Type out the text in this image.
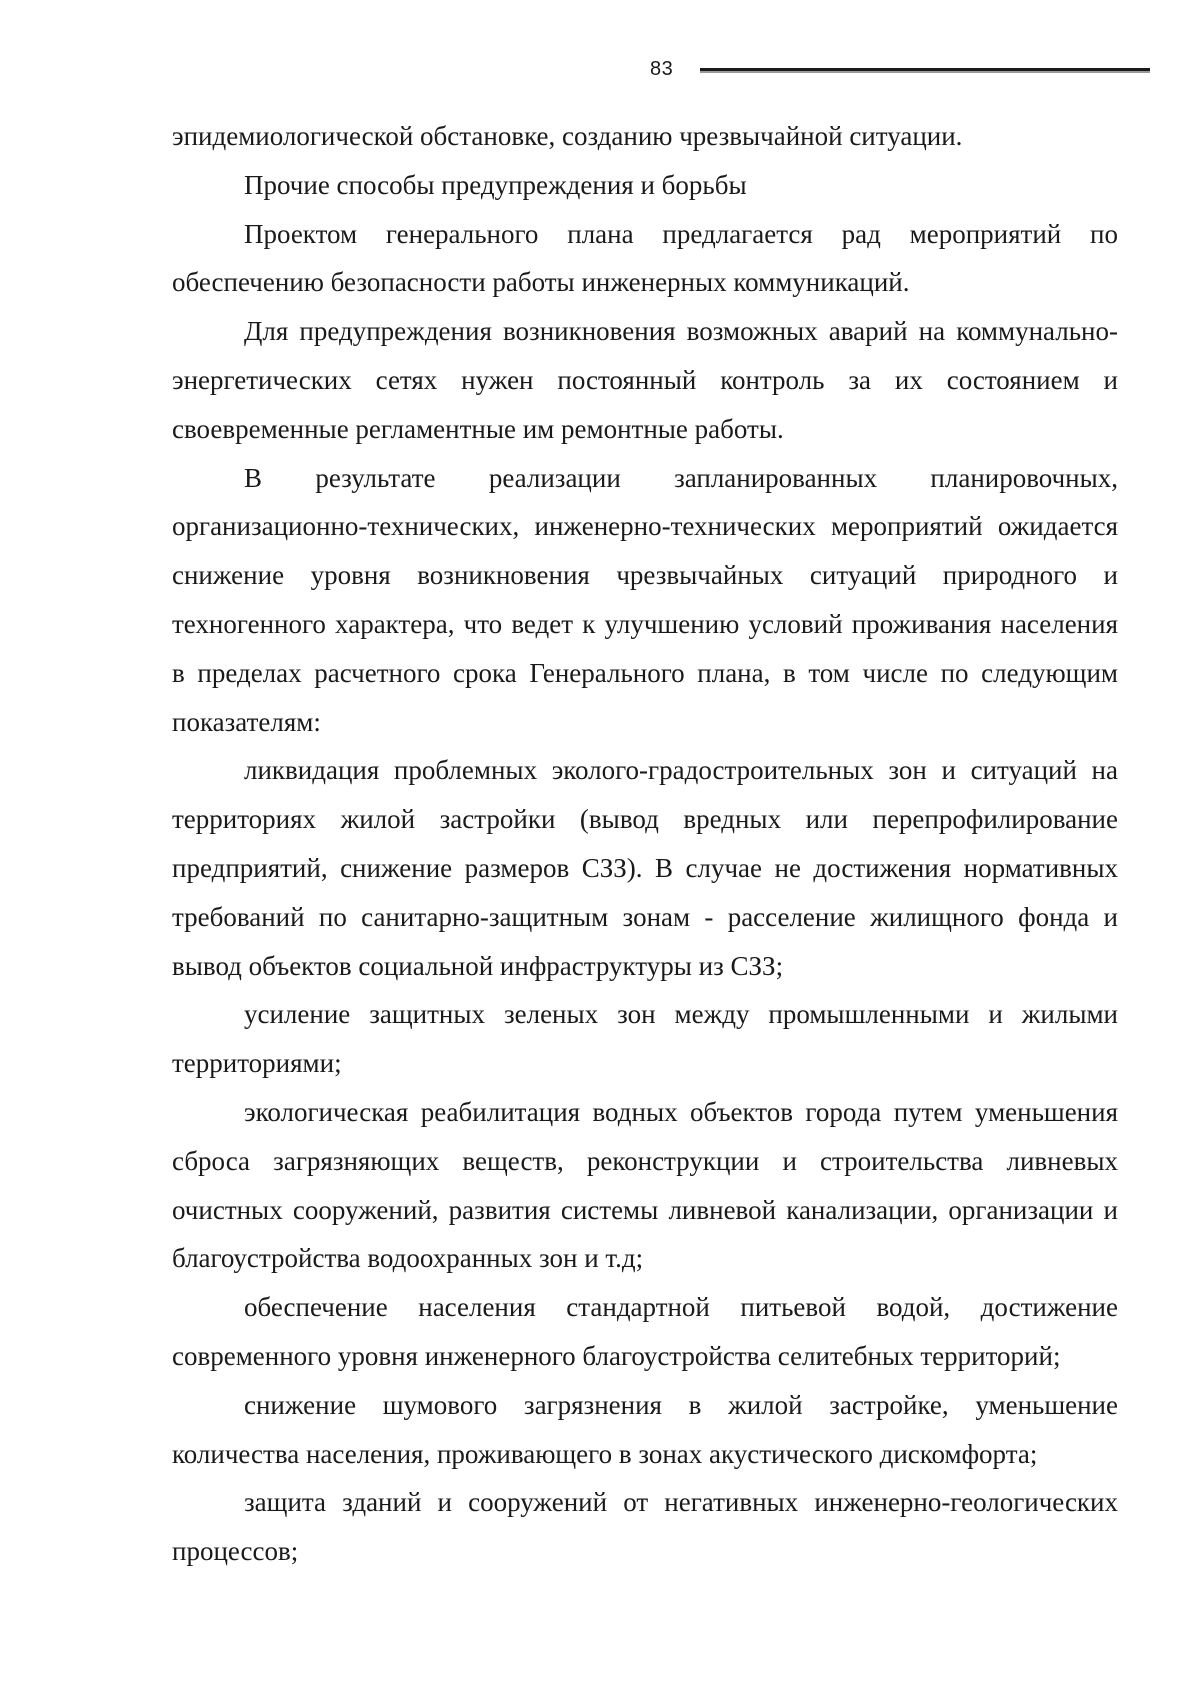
83

эпидемиологической обстановке, созданию чрезвычайной ситуации.

Прочие способы предупреждения и борьбы

Проектом генерального плана предлагается рад мероприятий по обеспечению безопасности работы инженерных коммуникаций.

Для предупреждения возникновения возможных аварий на коммунально-энергетических сетях нужен постоянный контроль за их состоянием и своевременные регламентные им ремонтные работы.

В результате реализации запланированных планировочных, организационно-технических, инженерно-технических мероприятий ожидается снижение уровня возникновения чрезвычайных ситуаций природного и техногенного характера, что ведет к улучшению условий проживания населения в пределах расчетного срока Генерального плана, в том числе по следующим показателям:

ликвидация проблемных эколого-градостроительных зон и ситуаций на территориях жилой застройки (вывод вредных или перепрофилирование предприятий, снижение размеров СЗЗ). В случае не достижения нормативных требований по санитарно-защитным зонам - расселение жилищного фонда и вывод объектов социальной инфраструктуры из СЗЗ;

усиление защитных зеленых зон между промышленными и жилыми территориями;

экологическая реабилитация водных объектов города путем уменьшения сброса загрязняющих веществ, реконструкции и строительства ливневых очистных сооружений, развития системы ливневой канализации, организации и благоустройства водоохранных зон и т.д;

обеспечение населения стандартной питьевой водой, достижение современного уровня инженерного благоустройства селитебных территорий;

снижение шумового загрязнения в жилой застройке, уменьшение количества населения, проживающего в зонах акустического дискомфорта;

защита зданий и сооружений от негативных инженерно-геологических процессов;
